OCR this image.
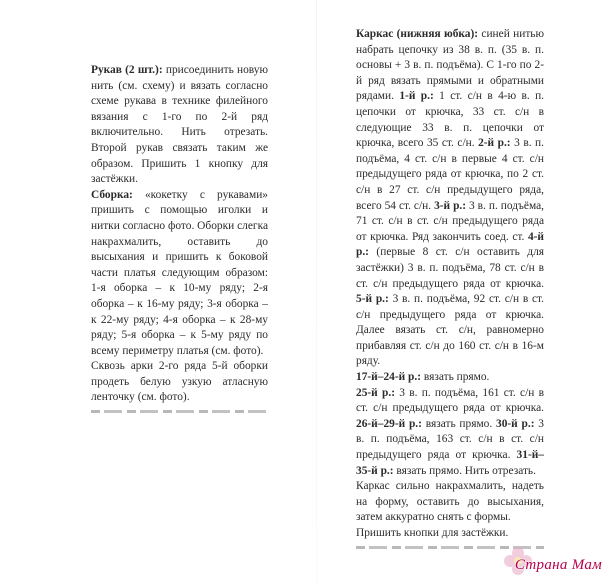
Рукав (2 шт.): присоединить новую нить (см. схему) и вязать согласно схеме рукава в технике филейного вязания с 1-го по 2-й ряд включительно. Нить отрезать. Второй рукав связать таким же образом. Пришить 1 кнопку для застёжки.

Сборка: «кокетку с рукавами» пришить с помощью иголки и нитки согласно фото. Оборки слегка накрахмалить, оставить до высыхания и пришить к боковой части платья следующим образом: 1-я оборка – к 10-му ряду; 2-я оборка – к 16-му ряду; 3-я оборка – к 22-му ряду; 4-я оборка – к 28-му ряду; 5-я оборка – к 5-му ряду по всему периметру платья (см. фото).

Сквозь арки 2-го ряда 5-й оборки продеть белую узкую атласную ленточку (см. фото).

Каркас (нижняя юбка): синей нитью набрать цепочку из 38 в. п. (35 в. п. основы + 3 в. п. подъёма). С 1-го по 2-й ряд вязать прямыми и обратными рядами. 1-й р.: 1 ст. с/н в 4-ю в. п. цепочки от крючка, 33 ст. с/н в следующие 33 в. п. цепочки от крючка, всего 35 ст. с/н. 2-й р.: 3 в. п. подъёма, 4 ст. с/н в первые 4 ст. с/н предыдущего ряда от крючка, по 2 ст. с/н в 27 ст. с/н предыдущего ряда, всего 54 ст. с/н. 3-й р.: 3 в. п. подъёма, 71 ст. с/н в ст. с/н предыдущего ряда от крючка. Ряд закончить соед. ст. 4-й р.: (первые 8 ст. с/н оставить для застёжки) 3 в. п. подъёма, 78 ст. с/н в ст. с/н предыдущего ряда от крючка. 5-й р.: 3 в. п. подъёма, 92 ст. с/н в ст. с/н предыдущего ряда от крючка. Далее вязать ст. с/н, равномерно прибавляя ст. с/н до 160 ст. с/н в 16-м ряду.

17-й–24-й р.: вязать прямо.
25-й р.: 3 в. п. подъёма, 161 ст. с/н в ст. с/н предыдущего ряда от крючка. 26-й–29-й р.: вязать прямо. 30-й р.: 3 в. п. подъёма, 163 ст. с/н в ст. с/н предыдущего ряда от крючка. 31-й–35-й р.: вязать прямо. Нить отрезать.

Каркас сильно накрахмалить, надеть на форму, оставить до высыхания, затем аккуратно снять с формы.

Пришить кнопки для застёжки.

Страна Мам
